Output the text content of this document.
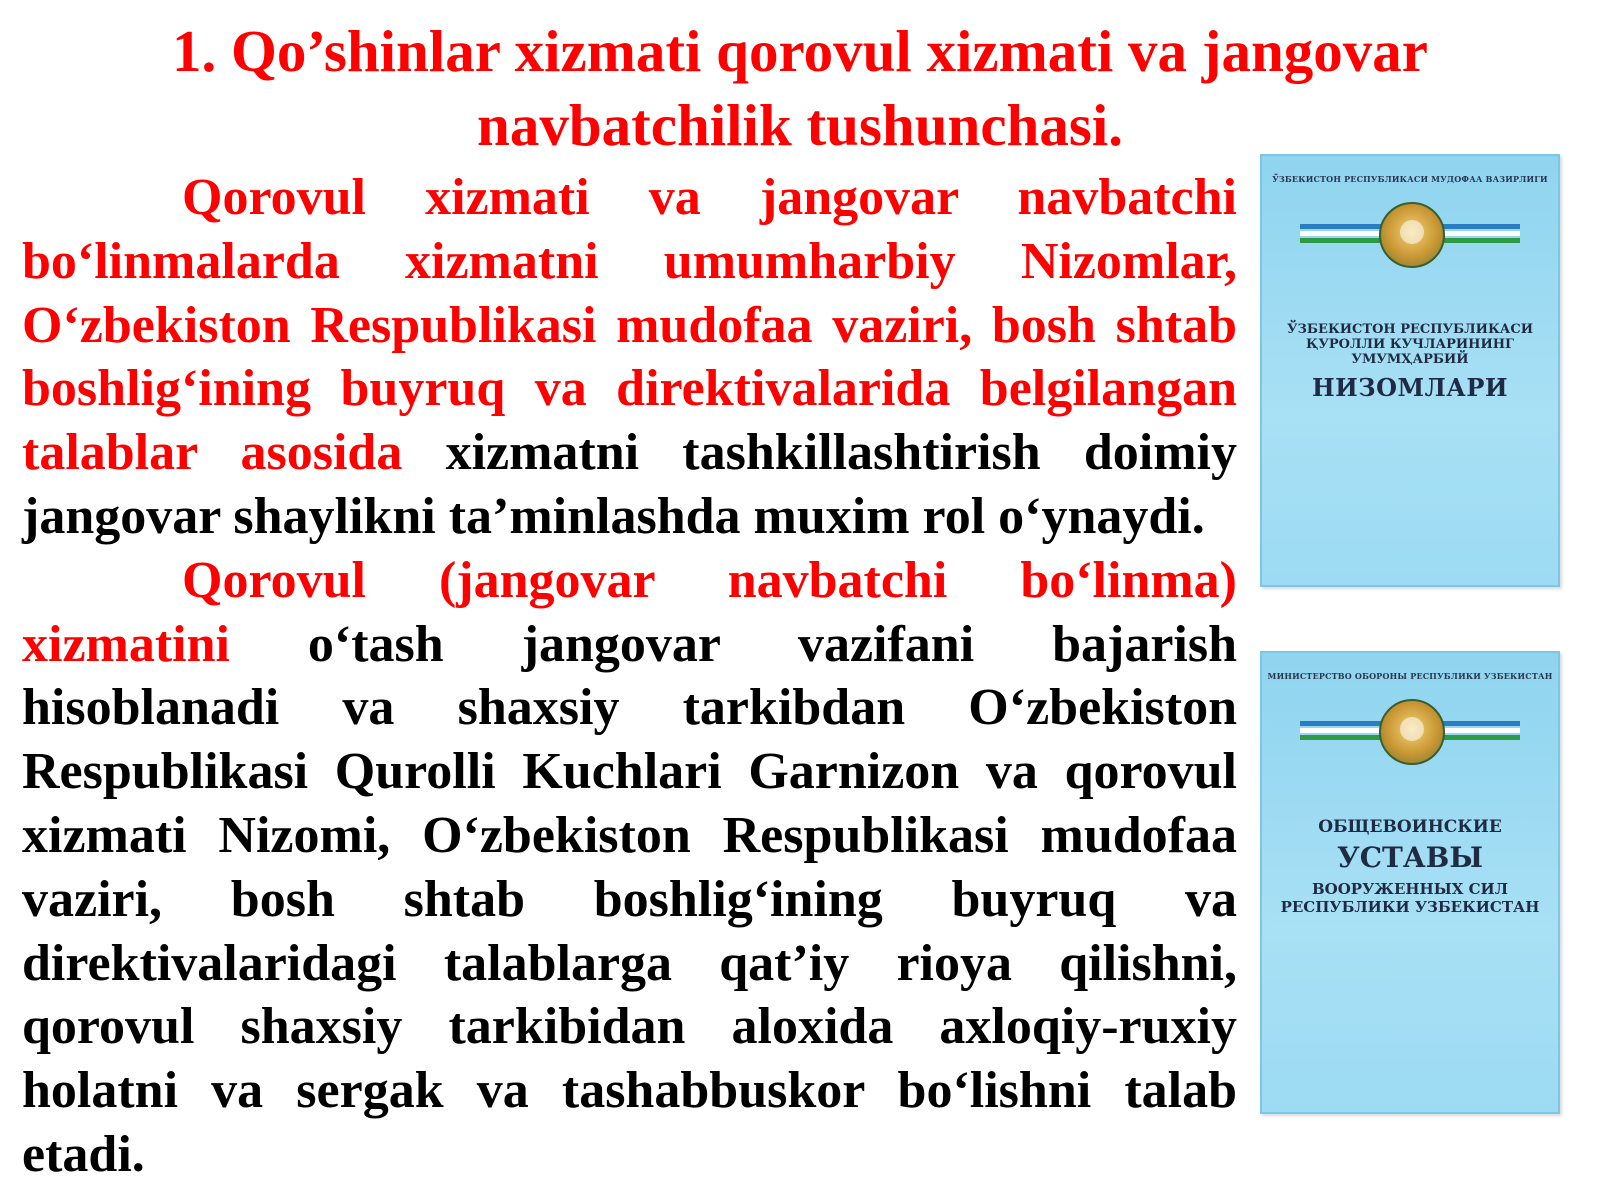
1. Qo’shinlar xizmati qorovul xizmati va jangovar navbatchilik tushunchasi.

Qorovul xizmati va jangovar navbatchi bo‘linmalarda xizmatni umumharbiy Nizomlar, O‘zbekiston Respublikasi mudofaa vaziri, bosh shtab boshlig‘ining buyruq va direktivalarida belgilangan talablar asosida xizmatni tashkillashtirish doimiy jangovar shaylikni ta’minlashda muxim rol o‘ynaydi.

Qorovul (jangovar navbatchi bo‘linma) xizmatini o‘tash jangovar vazifani bajarish hisoblanadi va shaxsiy tarkibdan O‘zbekiston Respublikasi Qurolli Kuchlari Garnizon va qorovul xizmati Nizomi, O‘zbekiston Respublikasi mudofaa vaziri, bosh shtab boshlig‘ining buyruq va direktivalaridagi talablarga qat’iy rioya qilishni, qorovul shaxsiy tarkibidan aloxida axloqiy-ruxiy holatni va sergak va tashabbuskor bo‘lishni talab etadi.

ЎЗБЕКИСТОН РЕСПУБЛИКАСИ МУДОФАА ВАЗИРЛИГИ
ЎЗБЕКИСТОН РЕСПУБЛИКАСИ
ҚУРОЛЛИ КУЧЛАРИНИНГ
УМУМҲАРБИЙ
НИЗОМЛАРИ
МИНИСТЕРСТВО ОБОРОНЫ РЕСПУБЛИКИ УЗБЕКИСТАН
ОБЩЕВОИНСКИЕ
УСТАВЫ
ВООРУЖЕННЫХ СИЛ
РЕСПУБЛИКИ УЗБЕКИСТАН
